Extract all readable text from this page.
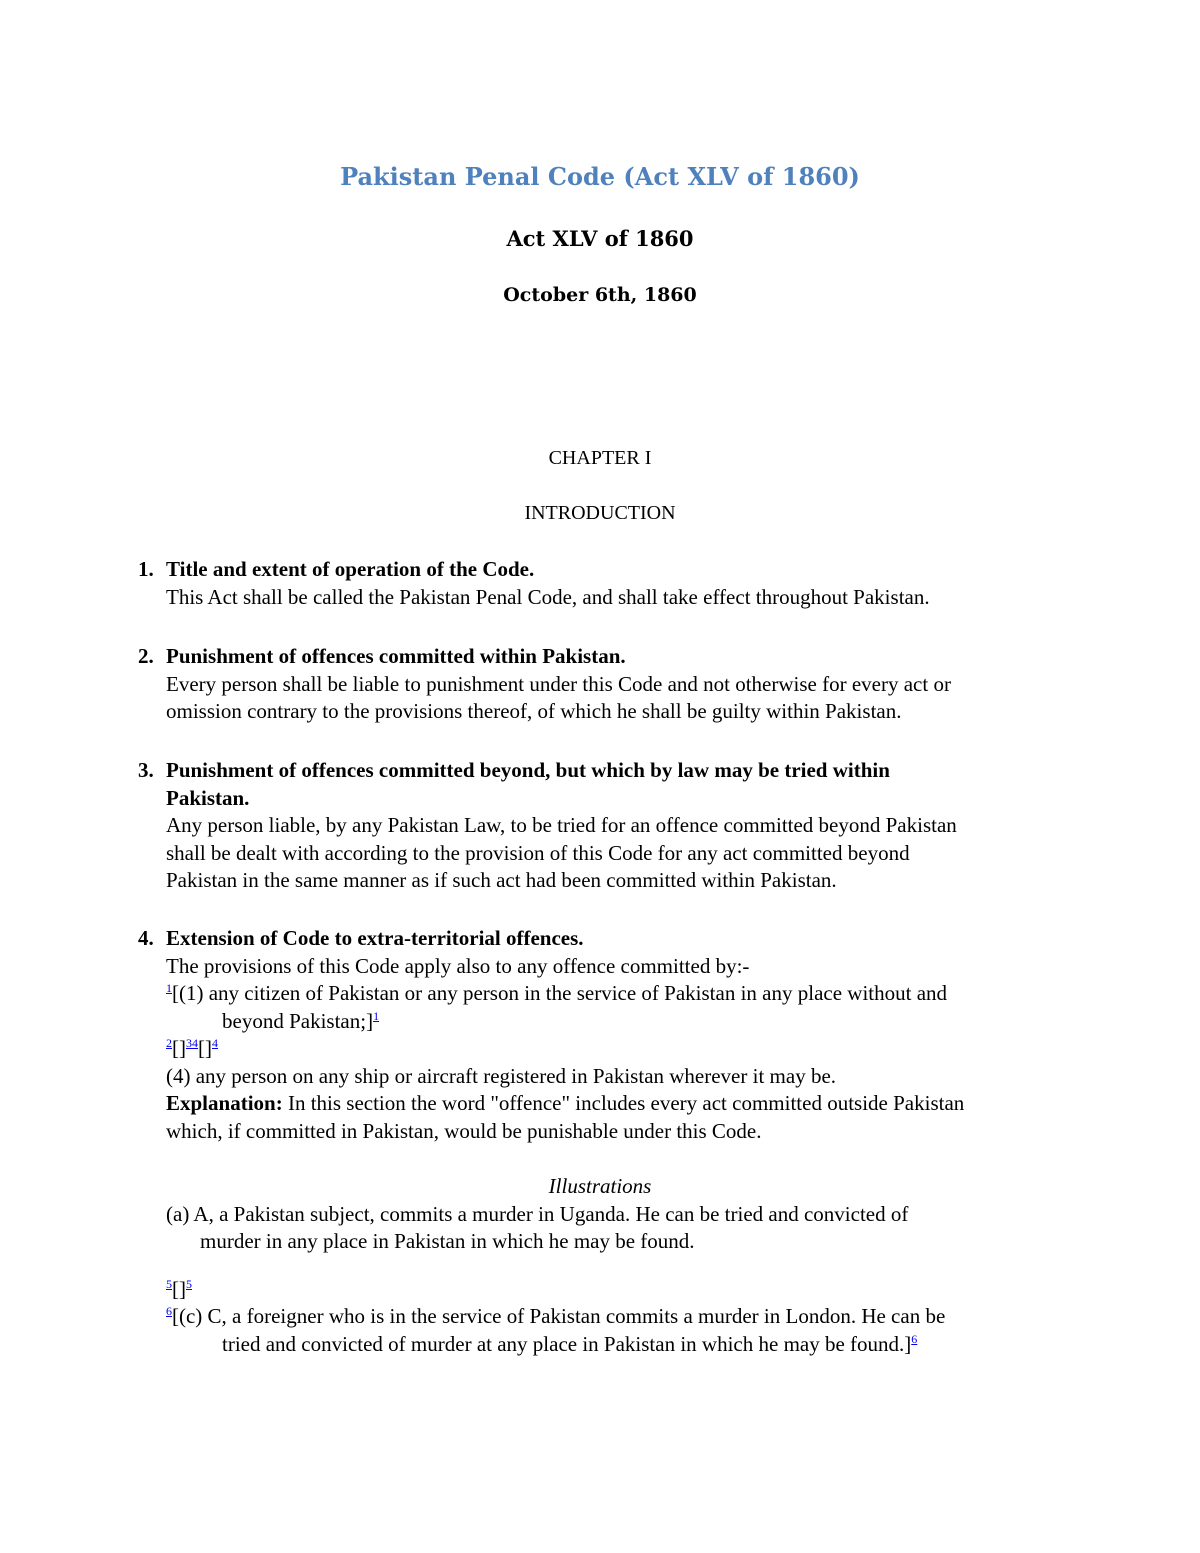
Pakistan Penal Code (Act XLV of 1860)
Act XLV of 1860
October 6th, 1860
CHAPTER I
INTRODUCTION
1. Title and extent of operation of the Code.
This Act shall be called the Pakistan Penal Code, and shall take effect throughout Pakistan.
2. Punishment of offences committed within Pakistan.
Every person shall be liable to punishment under this Code and not otherwise for every act or
omission contrary to the provisions thereof, of which he shall be guilty within Pakistan.
3. Punishment of offences committed beyond, but which by law may be tried within
Pakistan.
Any person liable, by any Pakistan Law, to be tried for an offence committed beyond Pakistan
shall be dealt with according to the provision of this Code for any act committed beyond
Pakistan in the same manner as if such act had been committed within Pakistan.
4. Extension of Code to extra-territorial offences.
The provisions of this Code apply also to any offence committed by:-
$^1$[(1) any citizen of Pakistan or any person in the service of Pakistan in any place without and
beyond Pakistan;]$^1$
$^2$[]$^{34}$[]$^4$
(4) any person on any ship or aircraft registered in Pakistan wherever it may be.
Explanation: In this section the word "offence" includes every act committed outside Pakistan
which, if committed in Pakistan, would be punishable under this Code.
Illustrations
(a) A, a Pakistan subject, commits a murder in Uganda. He can be tried and convicted of
murder in any place in Pakistan in which he may be found.
$^5$[]$^5$
$^6$[(c) C, a foreigner who is in the service of Pakistan commits a murder in London. He can be
tried and convicted of murder at any place in Pakistan in which he may be found.]$^6$
